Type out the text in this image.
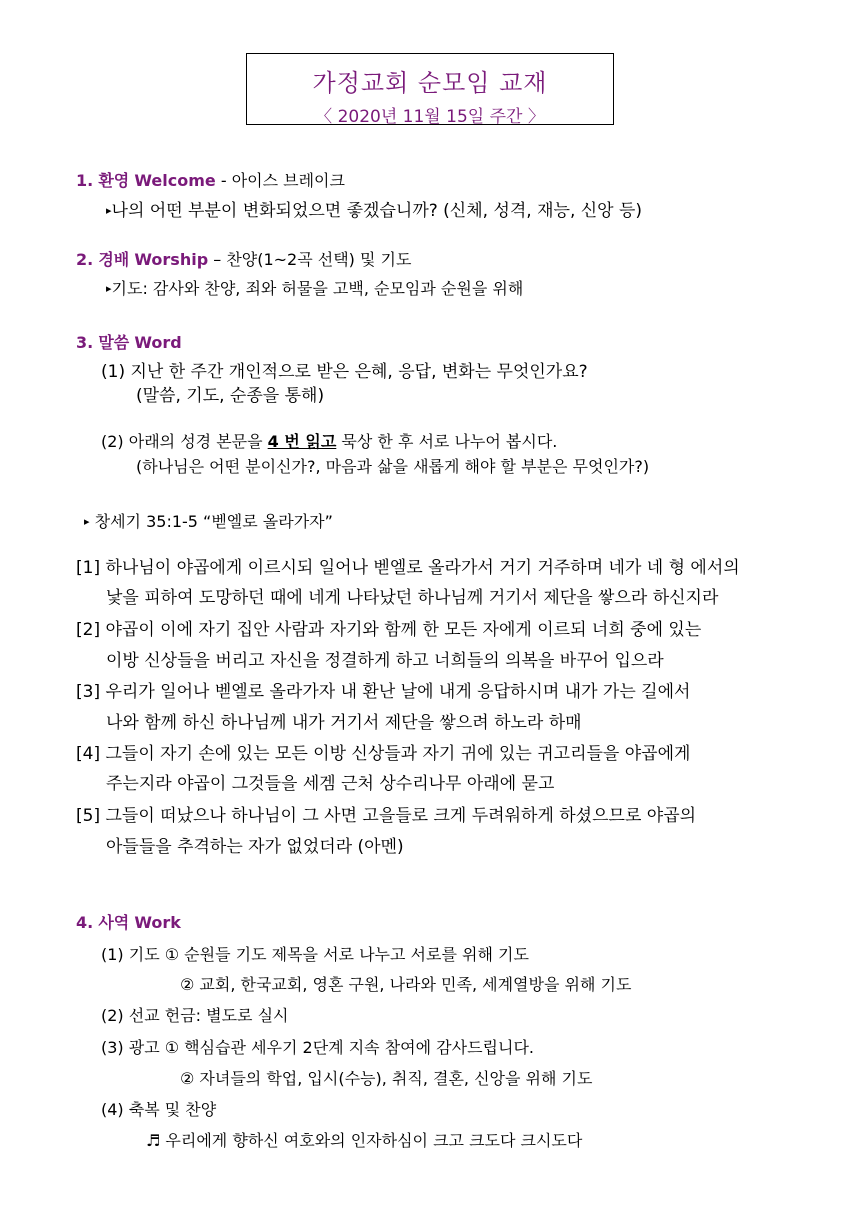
가정교회 순모임 교재
〈 2020년 11월 15일 주간 〉
1. 환영 Welcome - 아이스 브레이크
▸나의 어떤 부분이 변화되었으면 좋겠습니까? (신체, 성격, 재능, 신앙 등)
2. 경배 Worship – 찬양(1~2곡 선택) 및 기도
▸기도: 감사와 찬양, 죄와 허물을 고백, 순모임과 순원을 위해
3. 말씀 Word
(1) 지난 한 주간 개인적으로 받은 은혜, 응답, 변화는 무엇인가요?
(말씀, 기도, 순종을 통해)
(2) 아래의 성경 본문을 4 번 읽고 묵상 한 후 서로 나누어 봅시다.
(하나님은 어떤 분이신가?, 마음과 삶을 새롭게 해야 할 부분은 무엇인가?)
▸ 창세기 35:1-5 “벧엘로 올라가자”
[1] 하나님이 야곱에게 이르시되 일어나 벧엘로 올라가서 거기 거주하며 네가 네 형 에서의
낯을 피하여 도망하던 때에 네게 나타났던 하나님께 거기서 제단을 쌓으라 하신지라
[2] 야곱이 이에 자기 집안 사람과 자기와 함께 한 모든 자에게 이르되 너희 중에 있는
이방 신상들을 버리고 자신을 정결하게 하고 너희들의 의복을 바꾸어 입으라
[3] 우리가 일어나 벧엘로 올라가자 내 환난 날에 내게 응답하시며 내가 가는 길에서
나와 함께 하신 하나님께 내가 거기서 제단을 쌓으려 하노라 하매
[4] 그들이 자기 손에 있는 모든 이방 신상들과 자기 귀에 있는 귀고리들을 야곱에게
주는지라 야곱이 그것들을 세겜 근처 상수리나무 아래에 묻고
[5] 그들이 떠났으나 하나님이 그 사면 고을들로 크게 두려워하게 하셨으므로 야곱의
아들들을 추격하는 자가 없었더라 (아멘)
4. 사역 Work
(1) 기도 ① 순원들 기도 제목을 서로 나누고 서로를 위해 기도
② 교회, 한국교회, 영혼 구원, 나라와 민족, 세계열방을 위해 기도
(2) 선교 헌금: 별도로 실시
(3) 광고 ① 핵심습관 세우기 2단계 지속 참여에 감사드립니다.
② 자녀들의 학업, 입시(수능), 취직, 결혼, 신앙을 위해 기도
(4) 축복 및 찬양
♬ 우리에게 향하신 여호와의 인자하심이 크고 크도다 크시도다
